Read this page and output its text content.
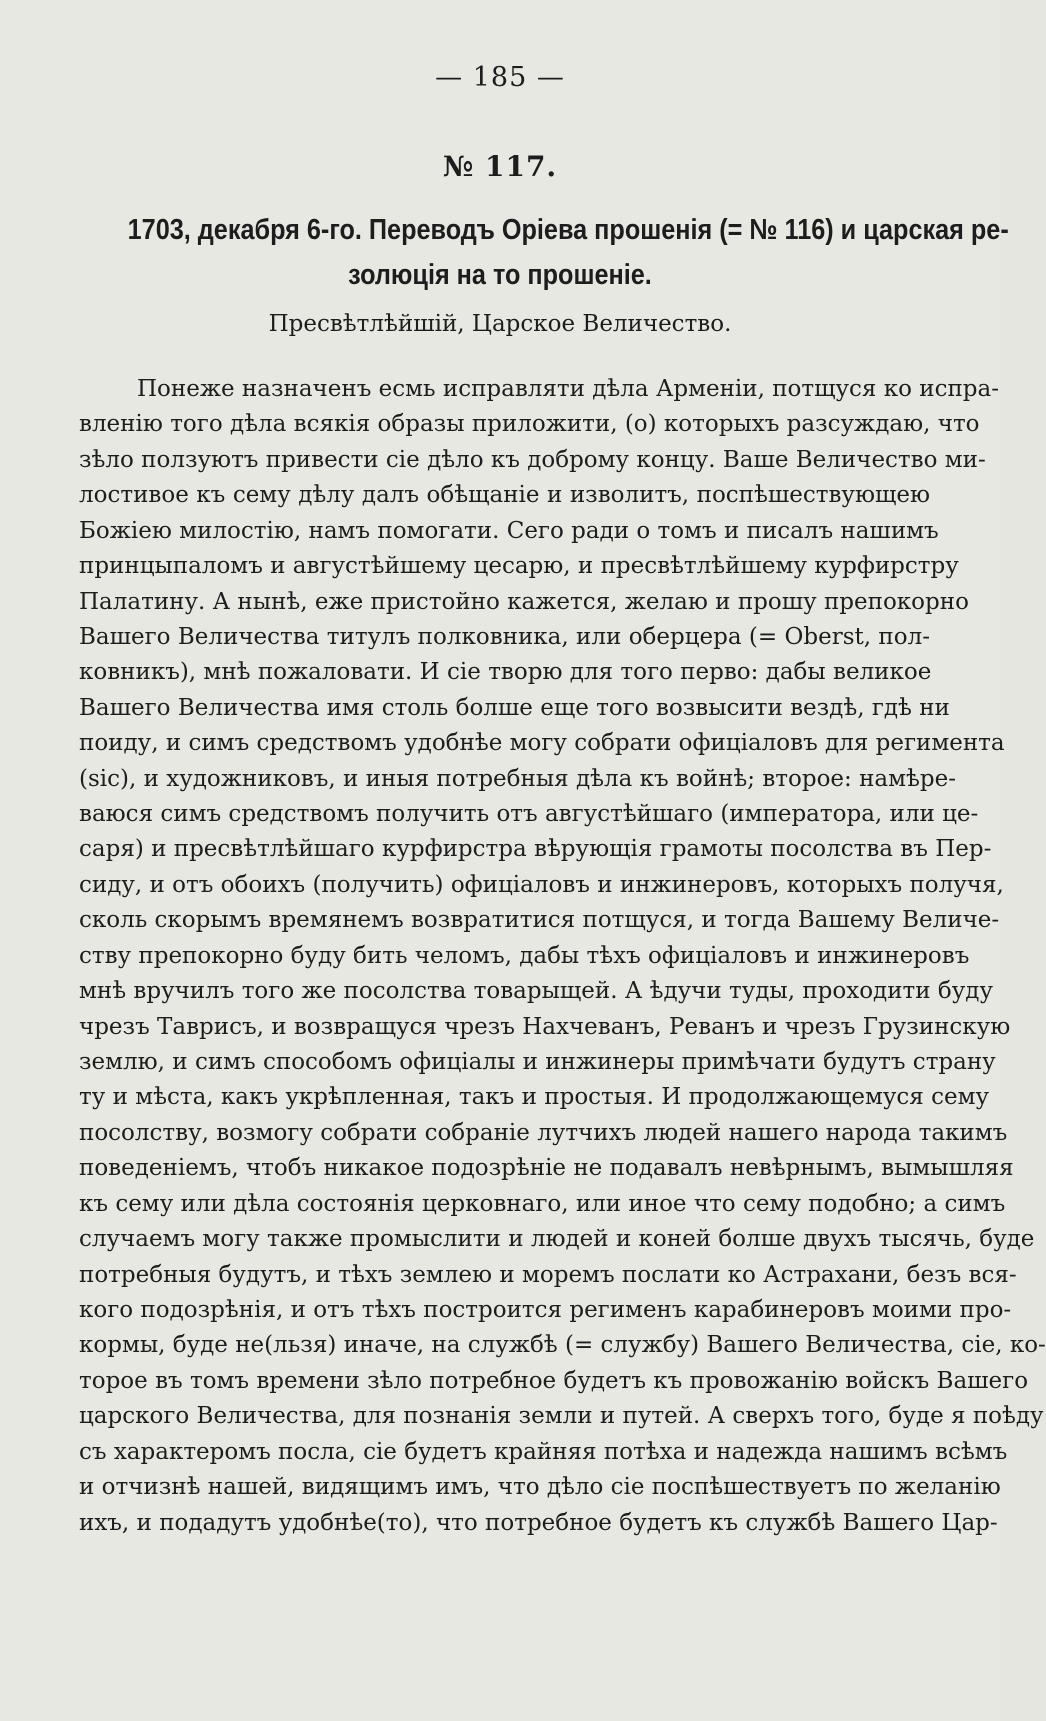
— 185 —
№ 117.
1703, декабря 6-го. Переводъ Оріева прошенія (= № 116) и царская ре-
золюція на то прошеніе.
Пресвѣтлѣйшій, Царское Величество.
Понеже назначенъ есмь исправляти дѣла Арменіи, потщуся ко испра-
вленію того дѣла всякія образы приложити, (о) которыхъ разсуждаю, что
зѣло ползуютъ привести сіе дѣло къ доброму концу. Ваше Величество ми-
лостивое къ сему дѣлу далъ обѣщаніе и изволитъ, поспѣшествующею
Божіею милостію, намъ помогати. Сего ради о томъ и писалъ нашимъ
принцыпаломъ и августѣйшему цесарю, и пресвѣтлѣйшему курфирстру
Палатину. А нынѣ, еже пристойно кажется, желаю и прошу препокорно
Вашего Величества титулъ полковника, или оберцера (= Oberst, пол-
ковникъ), мнѣ пожаловати. И сіе творю для того перво: дабы великое
Вашего Величества имя столь болше еще того возвысити вездѣ, гдѣ ни
поиду, и симъ средствомъ удобнѣе могу собрати офиціаловъ для регимента
(sic), и художниковъ, и иныя потребныя дѣла къ войнѣ; второе: намѣре-
ваюся симъ средствомъ получить отъ августѣйшаго (императора, или це-
саря) и пресвѣтлѣйшаго курфирстра вѣрующія грамоты посолства въ Пер-
сиду, и отъ обоихъ (получить) офиціаловъ и инжинеровъ, которыхъ получя,
сколь скорымъ времянемъ возвратитися потщуся, и тогда Вашему Величе-
ству препокорно буду бить челомъ, дабы тѣхъ офиціаловъ и инжинеровъ
мнѣ вручилъ того же посолства товарыщей. А ѣдучи туды, проходити буду
чрезъ Таврисъ, и возвращуся чрезъ Нахчеванъ, Реванъ и чрезъ Грузинскую
землю, и симъ способомъ офиціалы и инжинеры примѣчати будутъ страну
ту и мѣста, какъ укрѣпленная, такъ и простыя. И продолжающемуся сему
посолству, возмогу собрати собраніе лутчихъ людей нашего народа такимъ
поведеніемъ, чтобъ никакое подозрѣніе не подавалъ невѣрнымъ, вымышляя
къ сему или дѣла состоянія церковнаго, или иное что сему подобно; а симъ
случаемъ могу также промыслити и людей и коней болше двухъ тысячь, буде
потребныя будутъ, и тѣхъ землею и моремъ послати ко Астрахани, безъ вся-
кого подозрѣнія, и отъ тѣхъ построится регименъ карабинеровъ моими про-
кормы, буде не(льзя) иначе, на службѣ (= службу) Вашего Величества, сіе, ко-
торое въ томъ времени зѣло потребное будетъ къ провожанію войскъ Вашего
царского Величества, для познанія земли и путей. А сверхъ того, буде я поѣду
съ характеромъ посла, сіе будетъ крайняя потѣха и надежда нашимъ всѣмъ
и отчизнѣ нашей, видящимъ имъ, что дѣло сіе поспѣшествуетъ по желанію
ихъ, и подадутъ удобнѣе(то), что потребное будетъ къ службѣ Вашего Цар-
